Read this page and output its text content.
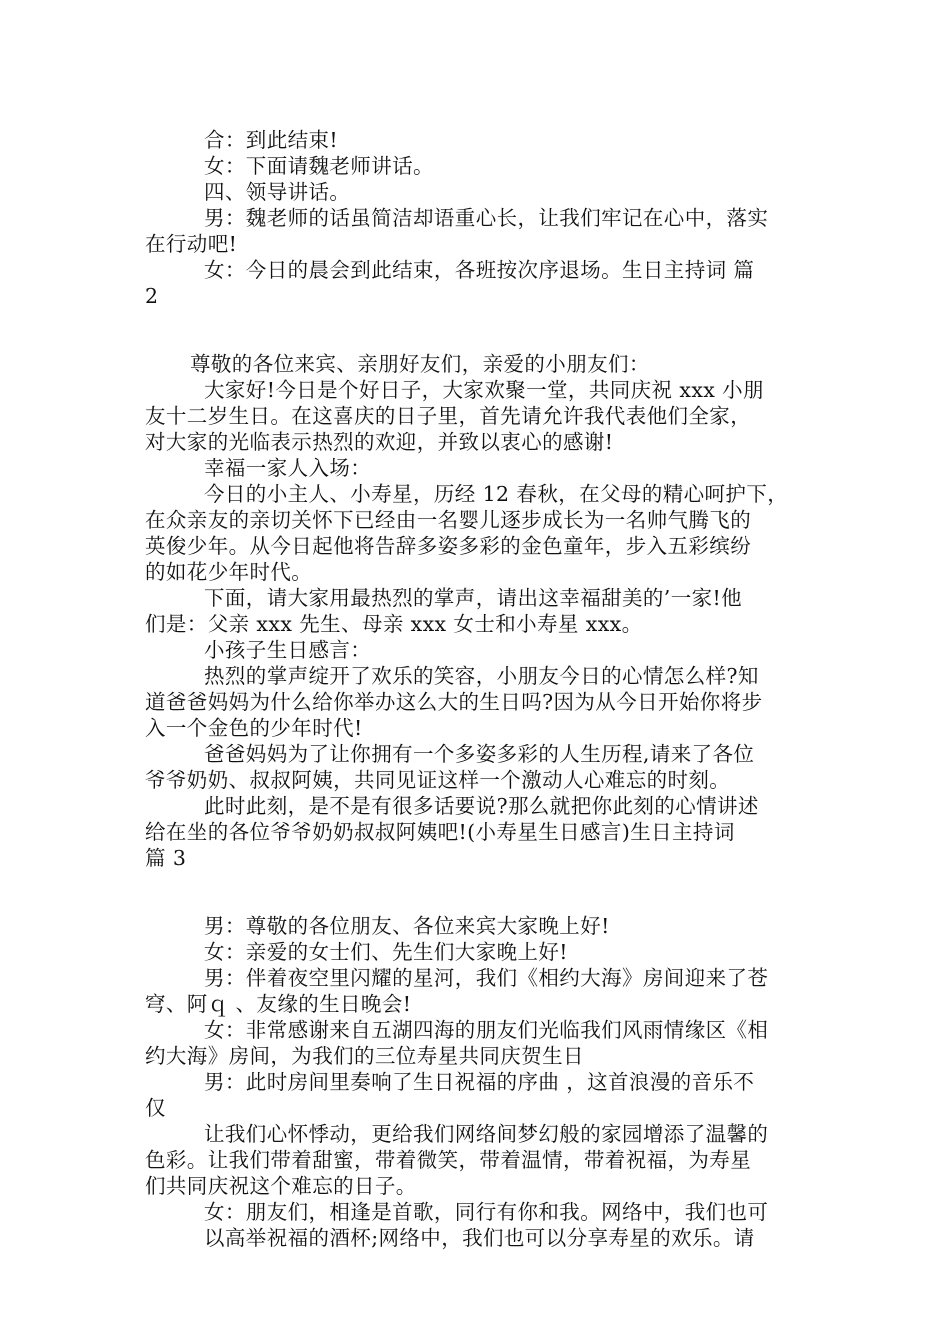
合：到此结束!
女：下面请魏老师讲话。
四、领导讲话。
男：魏老师的话虽简洁却语重心长，让我们牢记在心中，落实
在行动吧!
女：今日的晨会到此结束，各班按次序退场。生日主持词 篇
2
尊敬的各位来宾、亲朋好友们，亲爱的小朋友们：
大家好!今日是个好日子，大家欢聚一堂，共同庆祝 xxx 小朋
友十二岁生日。在这喜庆的日子里，首先请允许我代表他们全家，
对大家的光临表示热烈的欢迎，并致以衷心的感谢!
幸福一家人入场：
今日的小主人、小寿星，历经 12 春秋，在父母的精心呵护下，
在众亲友的亲切关怀下已经由一名婴儿逐步成长为一名帅气腾飞的
英俊少年。从今日起他将告辞多姿多彩的金色童年，步入五彩缤纷
的如花少年时代。
下面，请大家用最热烈的掌声，请出这幸福甜美的’一家!他
们是：父亲 xxx 先生、母亲 xxx 女士和小寿星 xxx。
小孩子生日感言：
热烈的掌声绽开了欢乐的笑容，小朋友今日的心情怎么样?知
道爸爸妈妈为什么给你举办这么大的生日吗?因为从今日开始你将步
入一个金色的少年时代!
爸爸妈妈为了让你拥有一个多姿多彩的人生历程,请来了各位
爷爷奶奶、叔叔阿姨，共同见证这样一个激动人心难忘的时刻。
此时此刻，是不是有很多话要说?那么就把你此刻的心情讲述
给在坐的各位爷爷奶奶叔叔阿姨吧!(小寿星生日感言)生日主持词
篇 3
男：尊敬的各位朋友、各位来宾大家晚上好!
女：亲爱的女士们、先生们大家晚上好!
男：伴着夜空里闪耀的星河，我们《相约大海》房间迎来了苍
穹、阿ｑ 、友缘的生日晚会!
女：非常感谢来自五湖四海的朋友们光临我们风雨情缘区《相
约大海》房间，为我们的三位寿星共同庆贺生日
男：此时房间里奏响了生日祝福的序曲 ，这首浪漫的音乐不
仅
让我们心怀悸动，更给我们网络间梦幻般的家园增添了温馨的
色彩。让我们带着甜蜜，带着微笑，带着温情，带着祝福，为寿星
们共同庆祝这个难忘的日子。
女：朋友们，相逢是首歌，同行有你和我。网络中，我们也可
以高举祝福的酒杯;网络中，我们也可以分享寿星的欢乐。请
